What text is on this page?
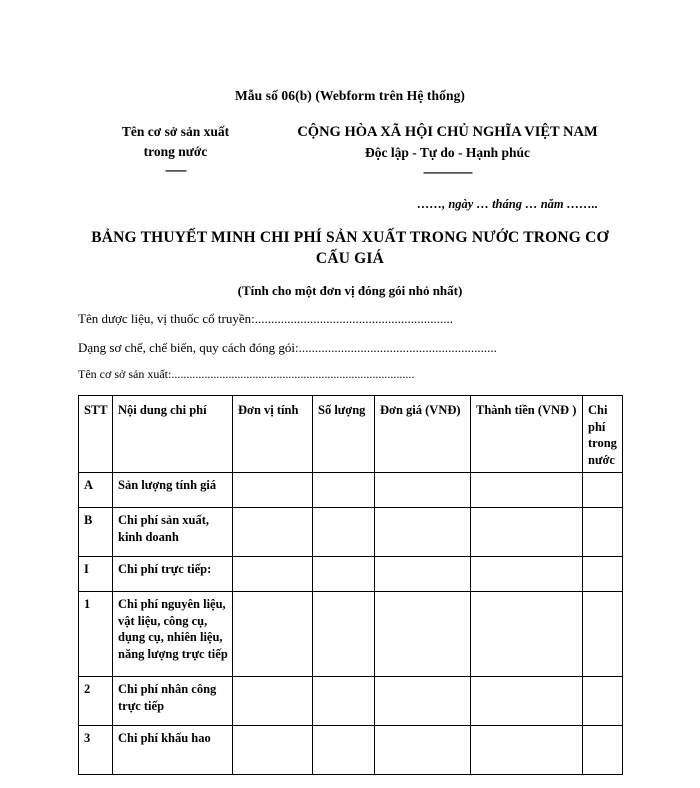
Mẫu số 06(b) (Webform trên Hệ thống)
Tên cơ sở sản xuất
trong nước
------
CỘNG HÒA XÃ HỘI CHỦ NGHĨA VIỆT NAM
Độc lập - Tự do - Hạnh phúc
--------------
……, ngày … tháng … năm ……..
BẢNG THUYẾT MINH CHI PHÍ SẢN XUẤT TRONG NƯỚC TRONG CƠ CẤU GIÁ
(Tính cho một đơn vị đóng gói nhỏ nhất)
Tên dược liệu, vị thuốc cổ truyền:.............................................................
Dạng sơ chế, chế biến, quy cách đóng gói:.............................................................
Tên cơ sở sản xuất:.................................................................................
STT	Nội dung chi phí	Đơn vị tính	Số lượng	Đơn giá (VNĐ)	Thành tiền (VNĐ )	Chi phí trong nước
A	Sản lượng tính giá					
B	Chi phí sản xuất, kinh doanh					
I	Chi phí trực tiếp:					
1	Chi phí nguyên liệu, vật liệu, công cụ, dụng cụ, nhiên liệu, năng lượng trực tiếp					
2	Chi phí nhân công trực tiếp					
3	Chi phí khấu hao					
